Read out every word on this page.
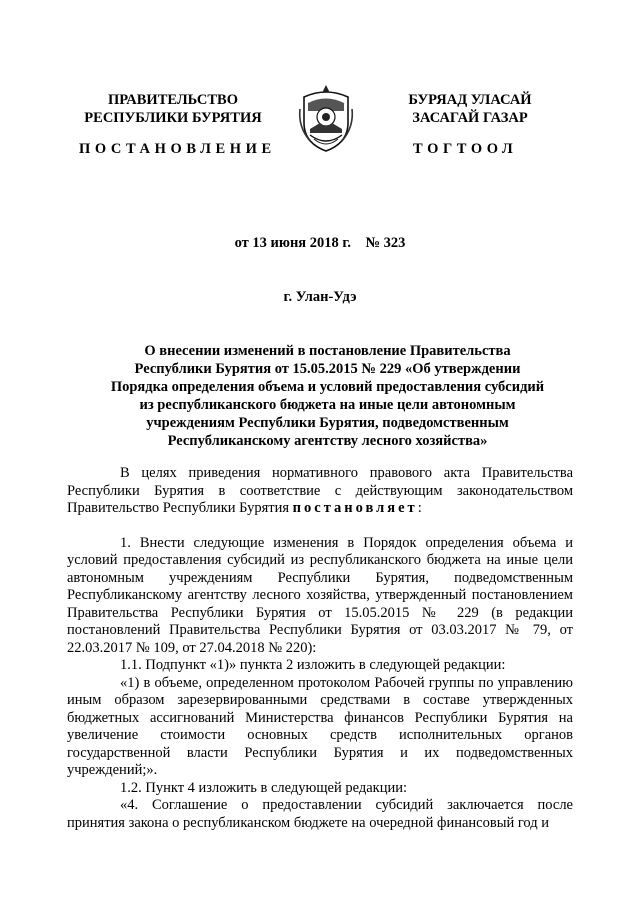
ПРАВИТЕЛЬСТВО
РЕСПУБЛИКИ БУРЯТИЯ
БУРЯАД УЛАСАЙ
ЗАСАГАЙ ГАЗАР
ПОСТАНОВЛЕНИЕ	ТОГТООЛ
от 13 июня 2018 г.    № 323
г. Улан-Удэ
О внесении изменений в постановление Правительства
Республики Бурятия от 15.05.2015 № 229 «Об утверждении
Порядка определения объема и условий предоставления субсидий
из республиканского бюджета на иные цели автономным
учреждениям Республики Бурятия, подведомственным
Республиканскому агентству лесного хозяйства»

В целях приведения нормативного правового акта Правительства Республики Бурятия в соответствие с действующим законодательством Правительство Республики Бурятия постановляет:

1. Внести следующие изменения в Порядок определения объема и условий предоставления субсидий из республиканского бюджета на иные цели автономным учреждениям Республики Бурятия, подведомственным Республиканскому агентству лесного хозяйства, утвержденный постановлением Правительства Республики Бурятия от 15.05.2015 № 229 (в редакции постановлений Правительства Республики Бурятия от 03.03.2017 № 79, от 22.03.2017 № 109, от 27.04.2018 № 220):

1.1. Подпункт «1)» пункта 2 изложить в следующей редакции:

«1) в объеме, определенном протоколом Рабочей группы по управлению иным образом зарезервированными средствами в составе утвержденных бюджетных ассигнований Министерства финансов Республики Бурятия на увеличение стоимости основных средств исполнительных органов государственной власти Республики Бурятия и их подведомственных учреждений;».

1.2. Пункт 4 изложить в следующей редакции:

«4. Соглашение о предоставлении субсидий заключается после принятия закона о республиканском бюджете на очередной финансовый год и
